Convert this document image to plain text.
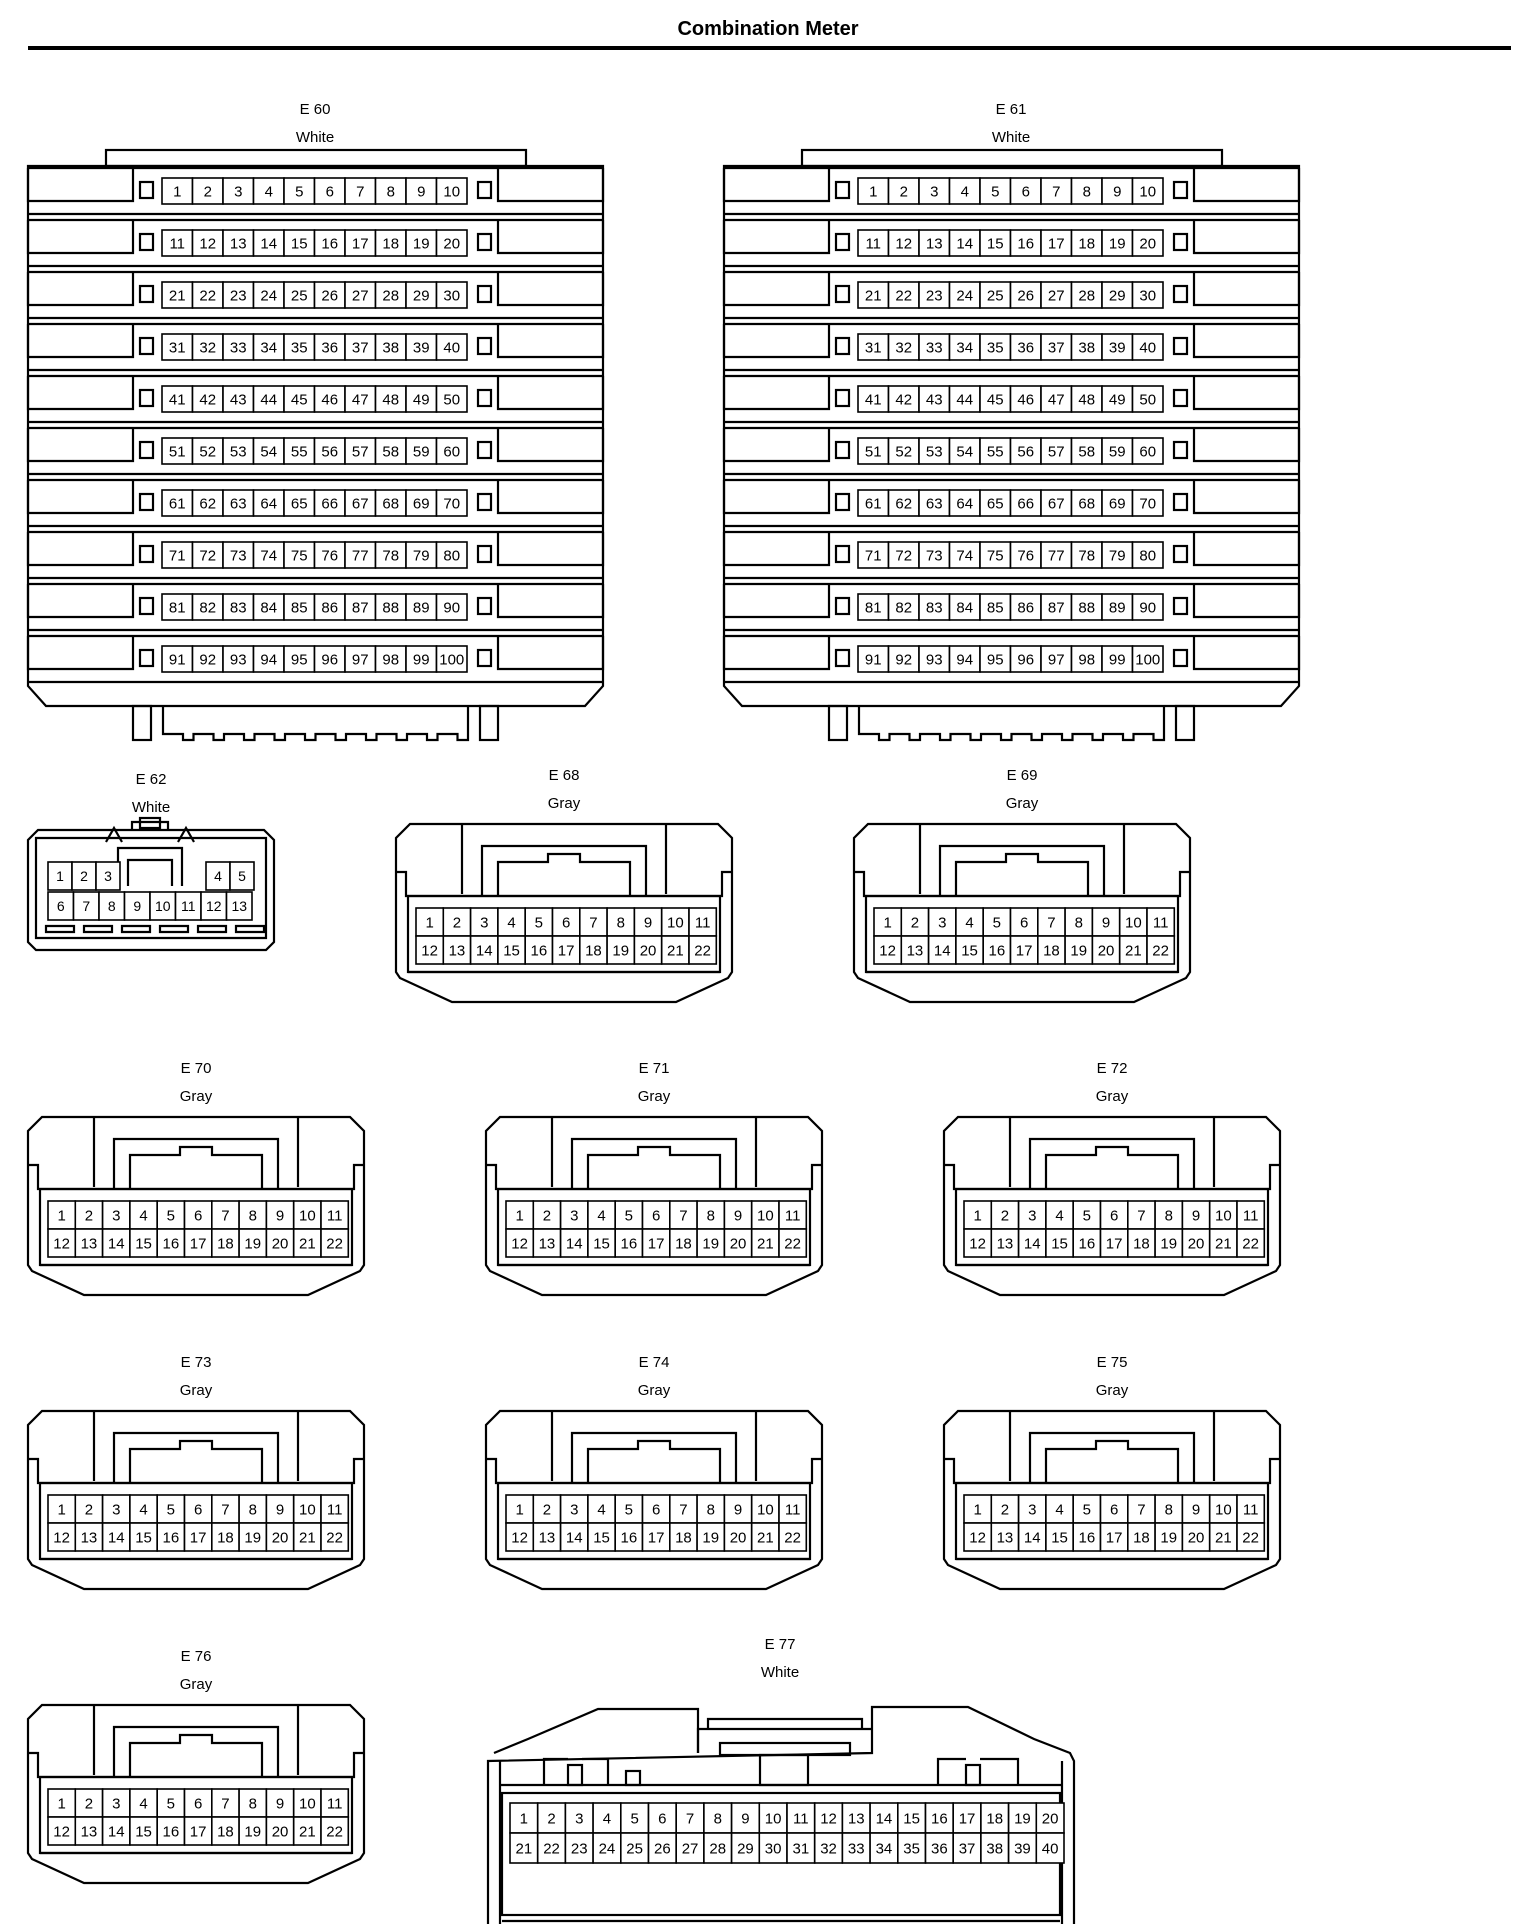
Combination Meter
E 60
White
1 2 3 4 5 6 7 8 9 10
11 12 13 14 15 16 17 18 19 20
21 22 23 24 25 26 27 28 29 30
31 32 33 34 35 36 37 38 39 40
41 42 43 44 45 46 47 48 49 50
51 52 53 54 55 56 57 58 59 60
61 62 63 64 65 66 67 68 69 70
71 72 73 74 75 76 77 78 79 80
81 82 83 84 85 86 87 88 89 90
91 92 93 94 95 96 97 98 99 100
E 61
White
1 2 3 4 5 6 7 8 9 10
11 12 13 14 15 16 17 18 19 20
21 22 23 24 25 26 27 28 29 30
31 32 33 34 35 36 37 38 39 40
41 42 43 44 45 46 47 48 49 50
51 52 53 54 55 56 57 58 59 60
61 62 63 64 65 66 67 68 69 70
71 72 73 74 75 76 77 78 79 80
81 82 83 84 85 86 87 88 89 90
91 92 93 94 95 96 97 98 99 100
E 62
White
1 2 3	4 5
6 7 8 9 10 11 12 13
E 68
Gray
1 2 3 4 5 6 7 8 9 10 11
12 13 14 15 16 17 18 19 20 21 22
E 69
Gray
1 2 3 4 5 6 7 8 9 10 11
12 13 14 15 16 17 18 19 20 21 22
E 70
Gray
1 2 3 4 5 6 7 8 9 10 11
12 13 14 15 16 17 18 19 20 21 22
E 71
Gray
1 2 3 4 5 6 7 8 9 10 11
12 13 14 15 16 17 18 19 20 21 22
E 72
Gray
1 2 3 4 5 6 7 8 9 10 11
12 13 14 15 16 17 18 19 20 21 22
E 73
Gray
1 2 3 4 5 6 7 8 9 10 11
12 13 14 15 16 17 18 19 20 21 22
E 74
Gray
1 2 3 4 5 6 7 8 9 10 11
12 13 14 15 16 17 18 19 20 21 22
E 75
Gray
1 2 3 4 5 6 7 8 9 10 11
12 13 14 15 16 17 18 19 20 21 22
E 76
Gray
1 2 3 4 5 6 7 8 9 10 11
12 13 14 15 16 17 18 19 20 21 22
E 77
White
1 2 3 4 5 6 7 8 9 10 11 12 13 14 15 16 17 18 19 20
21 22 23 24 25 26 27 28 29 30 31 32 33 34 35 36 37 38 39 40
